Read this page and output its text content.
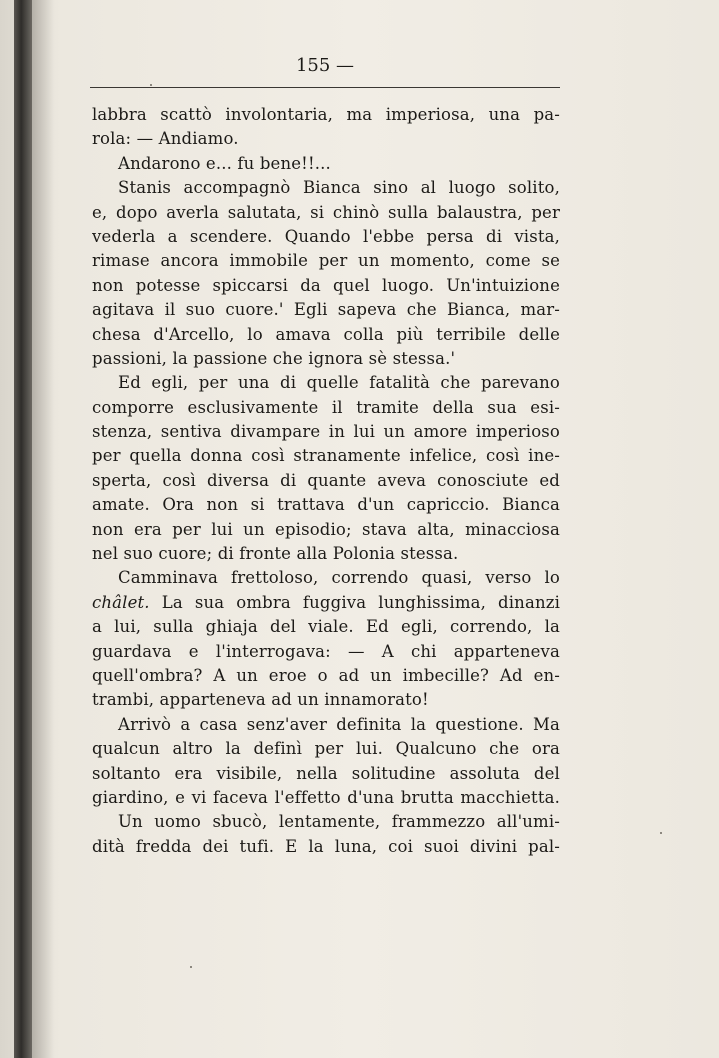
155 —
labbra scattò involontaria, ma imperiosa, una pa-
rola: — Andiamo.
Andarono e... fu bene!!...
Stanis accompagnò Bianca sino al luogo solito,
e, dopo averla salutata, si chinò sulla balaustra, per
vederla a scendere. Quando l'ebbe persa di vista,
rimase ancora immobile per un momento, come se
non potesse spiccarsi da quel luogo. Un'intuizione
agitava il suo cuore.' Egli sapeva che Bianca, mar-
chesa d'Arcello, lo amava colla più terribile delle
passioni, la passione che ignora sè stessa.'
Ed egli, per una di quelle fatalità che parevano
comporre esclusivamente il tramite della sua esi-
stenza, sentiva divampare in lui un amore imperioso
per quella donna così stranamente infelice, così ine-
sperta, così diversa di quante aveva conosciute ed
amate. Ora non si trattava d'un capriccio. Bianca
non era per lui un episodio; stava alta, minacciosa
nel suo cuore; di fronte alla Polonia stessa.
Camminava frettoloso, correndo quasi, verso lo
châlet. La sua ombra fuggiva lunghissima, dinanzi
a lui, sulla ghiaja del viale. Ed egli, correndo, la
guardava e l'interrogava: — A chi apparteneva
quell'ombra? A un eroe o ad un imbecille? Ad en-
trambi, apparteneva ad un innamorato!
Arrivò a casa senz'aver definita la questione. Ma
qualcun altro la definì per lui. Qualcuno che ora
soltanto era visibile, nella solitudine assoluta del
giardino, e vi faceva l'effetto d'una brutta macchietta.
Un uomo sbucò, lentamente, frammezzo all'umi-
dità fredda dei tufi. E la luna, coi suoi divini pal-
